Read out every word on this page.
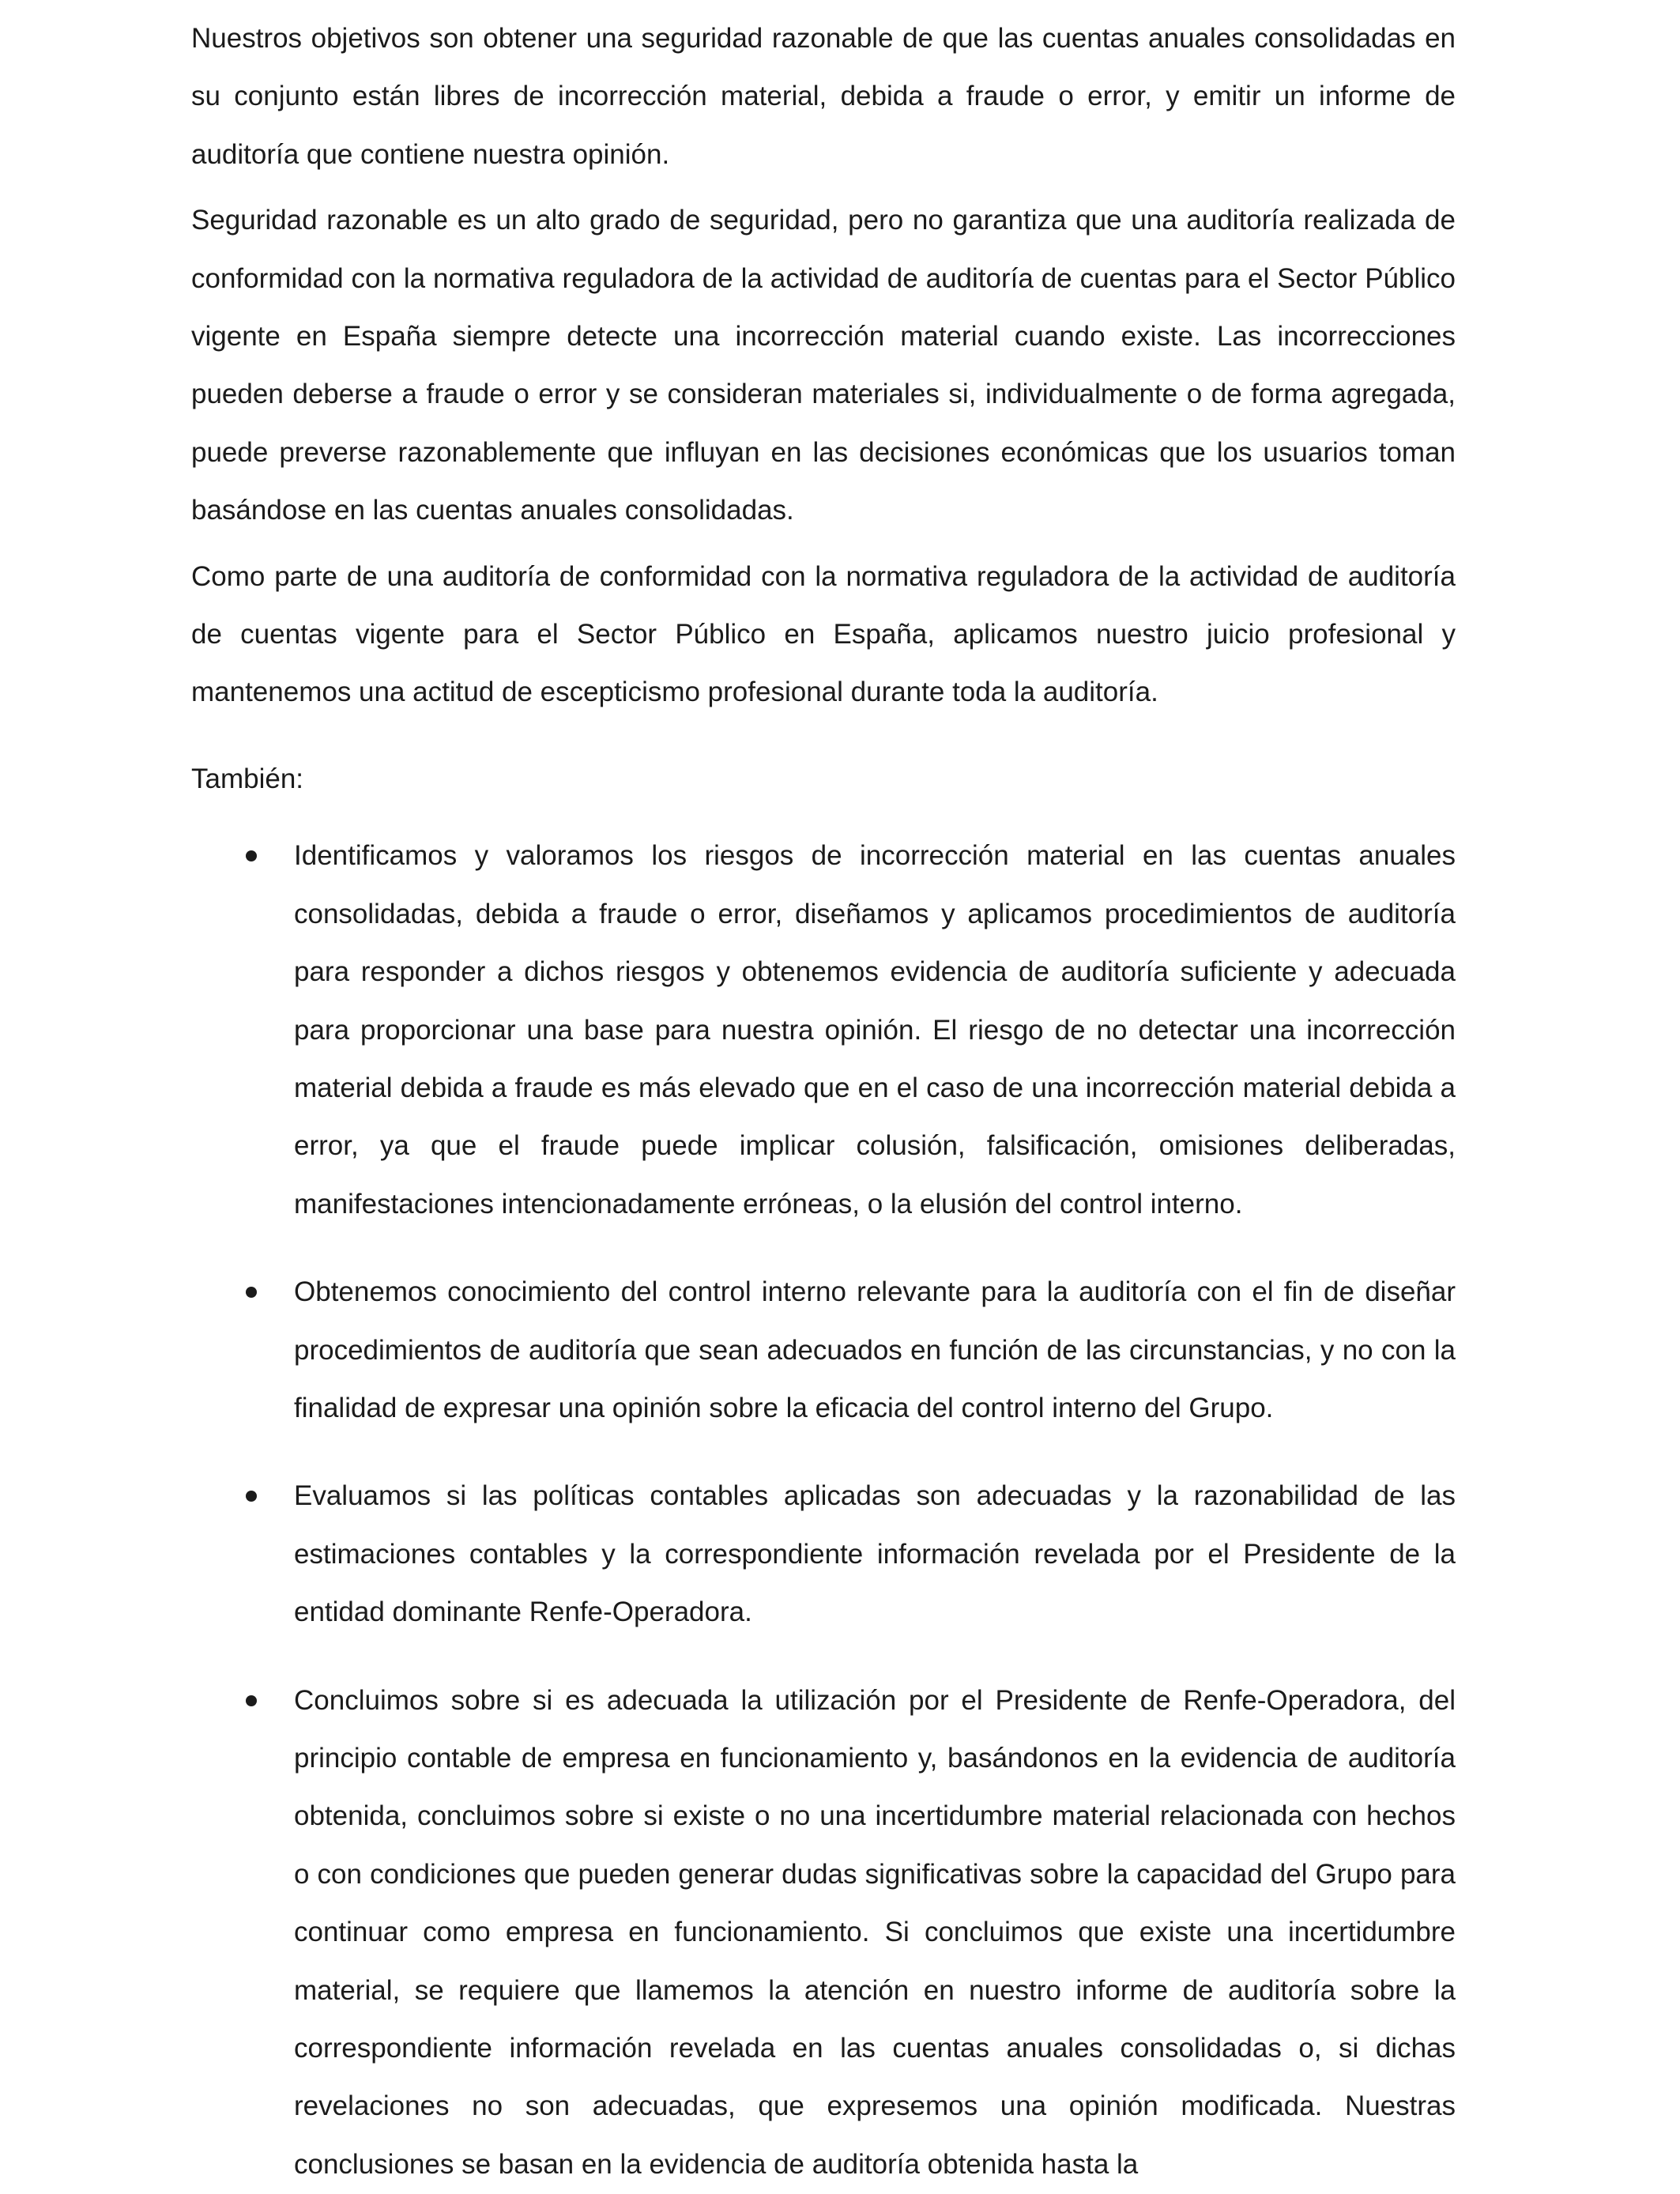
Nuestros objetivos son obtener una seguridad razonable de que las cuentas anuales consolidadas en su conjunto están libres de incorrección material, debida a fraude o error, y emitir un informe de auditoría que contiene nuestra opinión.

Seguridad razonable es un alto grado de seguridad, pero no garantiza que una auditoría realizada de conformidad con la normativa reguladora de la actividad de auditoría de cuentas para el Sector Público vigente en España siempre detecte una incorrección material cuando existe. Las incorrecciones pueden deberse a fraude o error y se consideran materiales si, individualmente o de forma agregada, puede preverse razonablemente que influyan en las decisiones económicas que los usuarios toman basándose en las cuentas anuales consolidadas.

Como parte de una auditoría de conformidad con la normativa reguladora de la actividad de auditoría de cuentas vigente para el Sector Público en España, aplicamos nuestro juicio profesional y mantenemos una actitud de escepticismo profesional durante toda la auditoría.

También:

Identificamos y valoramos los riesgos de incorrección material en las cuentas anuales consolidadas, debida a fraude o error, diseñamos y aplicamos procedimientos de auditoría para responder a dichos riesgos y obtenemos evidencia de auditoría suficiente y adecuada para proporcionar una base para nuestra opinión. El riesgo de no detectar una incorrección material debida a fraude es más elevado que en el caso de una incorrección material debida a error, ya que el fraude puede implicar colusión, falsificación, omisiones deliberadas, manifestaciones intencionadamente erróneas, o la elusión del control interno.

Obtenemos conocimiento del control interno relevante para la auditoría con el fin de diseñar procedimientos de auditoría que sean adecuados en función de las circunstancias, y no con la finalidad de expresar una opinión sobre la eficacia del control interno del Grupo.

Evaluamos si las políticas contables aplicadas son adecuadas y la razonabilidad de las estimaciones contables y la correspondiente información revelada por el Presidente de la entidad dominante Renfe-Operadora.

Concluimos sobre si es adecuada la utilización por el Presidente de Renfe-Operadora, del principio contable de empresa en funcionamiento y, basándonos en la evidencia de auditoría obtenida, concluimos sobre si existe o no una incertidumbre material relacionada con hechos o con condiciones que pueden generar dudas significativas sobre la capacidad del Grupo para continuar como empresa en funcionamiento. Si concluimos que existe una incertidumbre material, se requiere que llamemos la atención en nuestro informe de auditoría sobre la correspondiente información revelada en las cuentas anuales consolidadas o, si dichas revelaciones no son adecuadas, que expresemos una opinión modificada. Nuestras conclusiones se basan en la evidencia de auditoría obtenida hasta la
